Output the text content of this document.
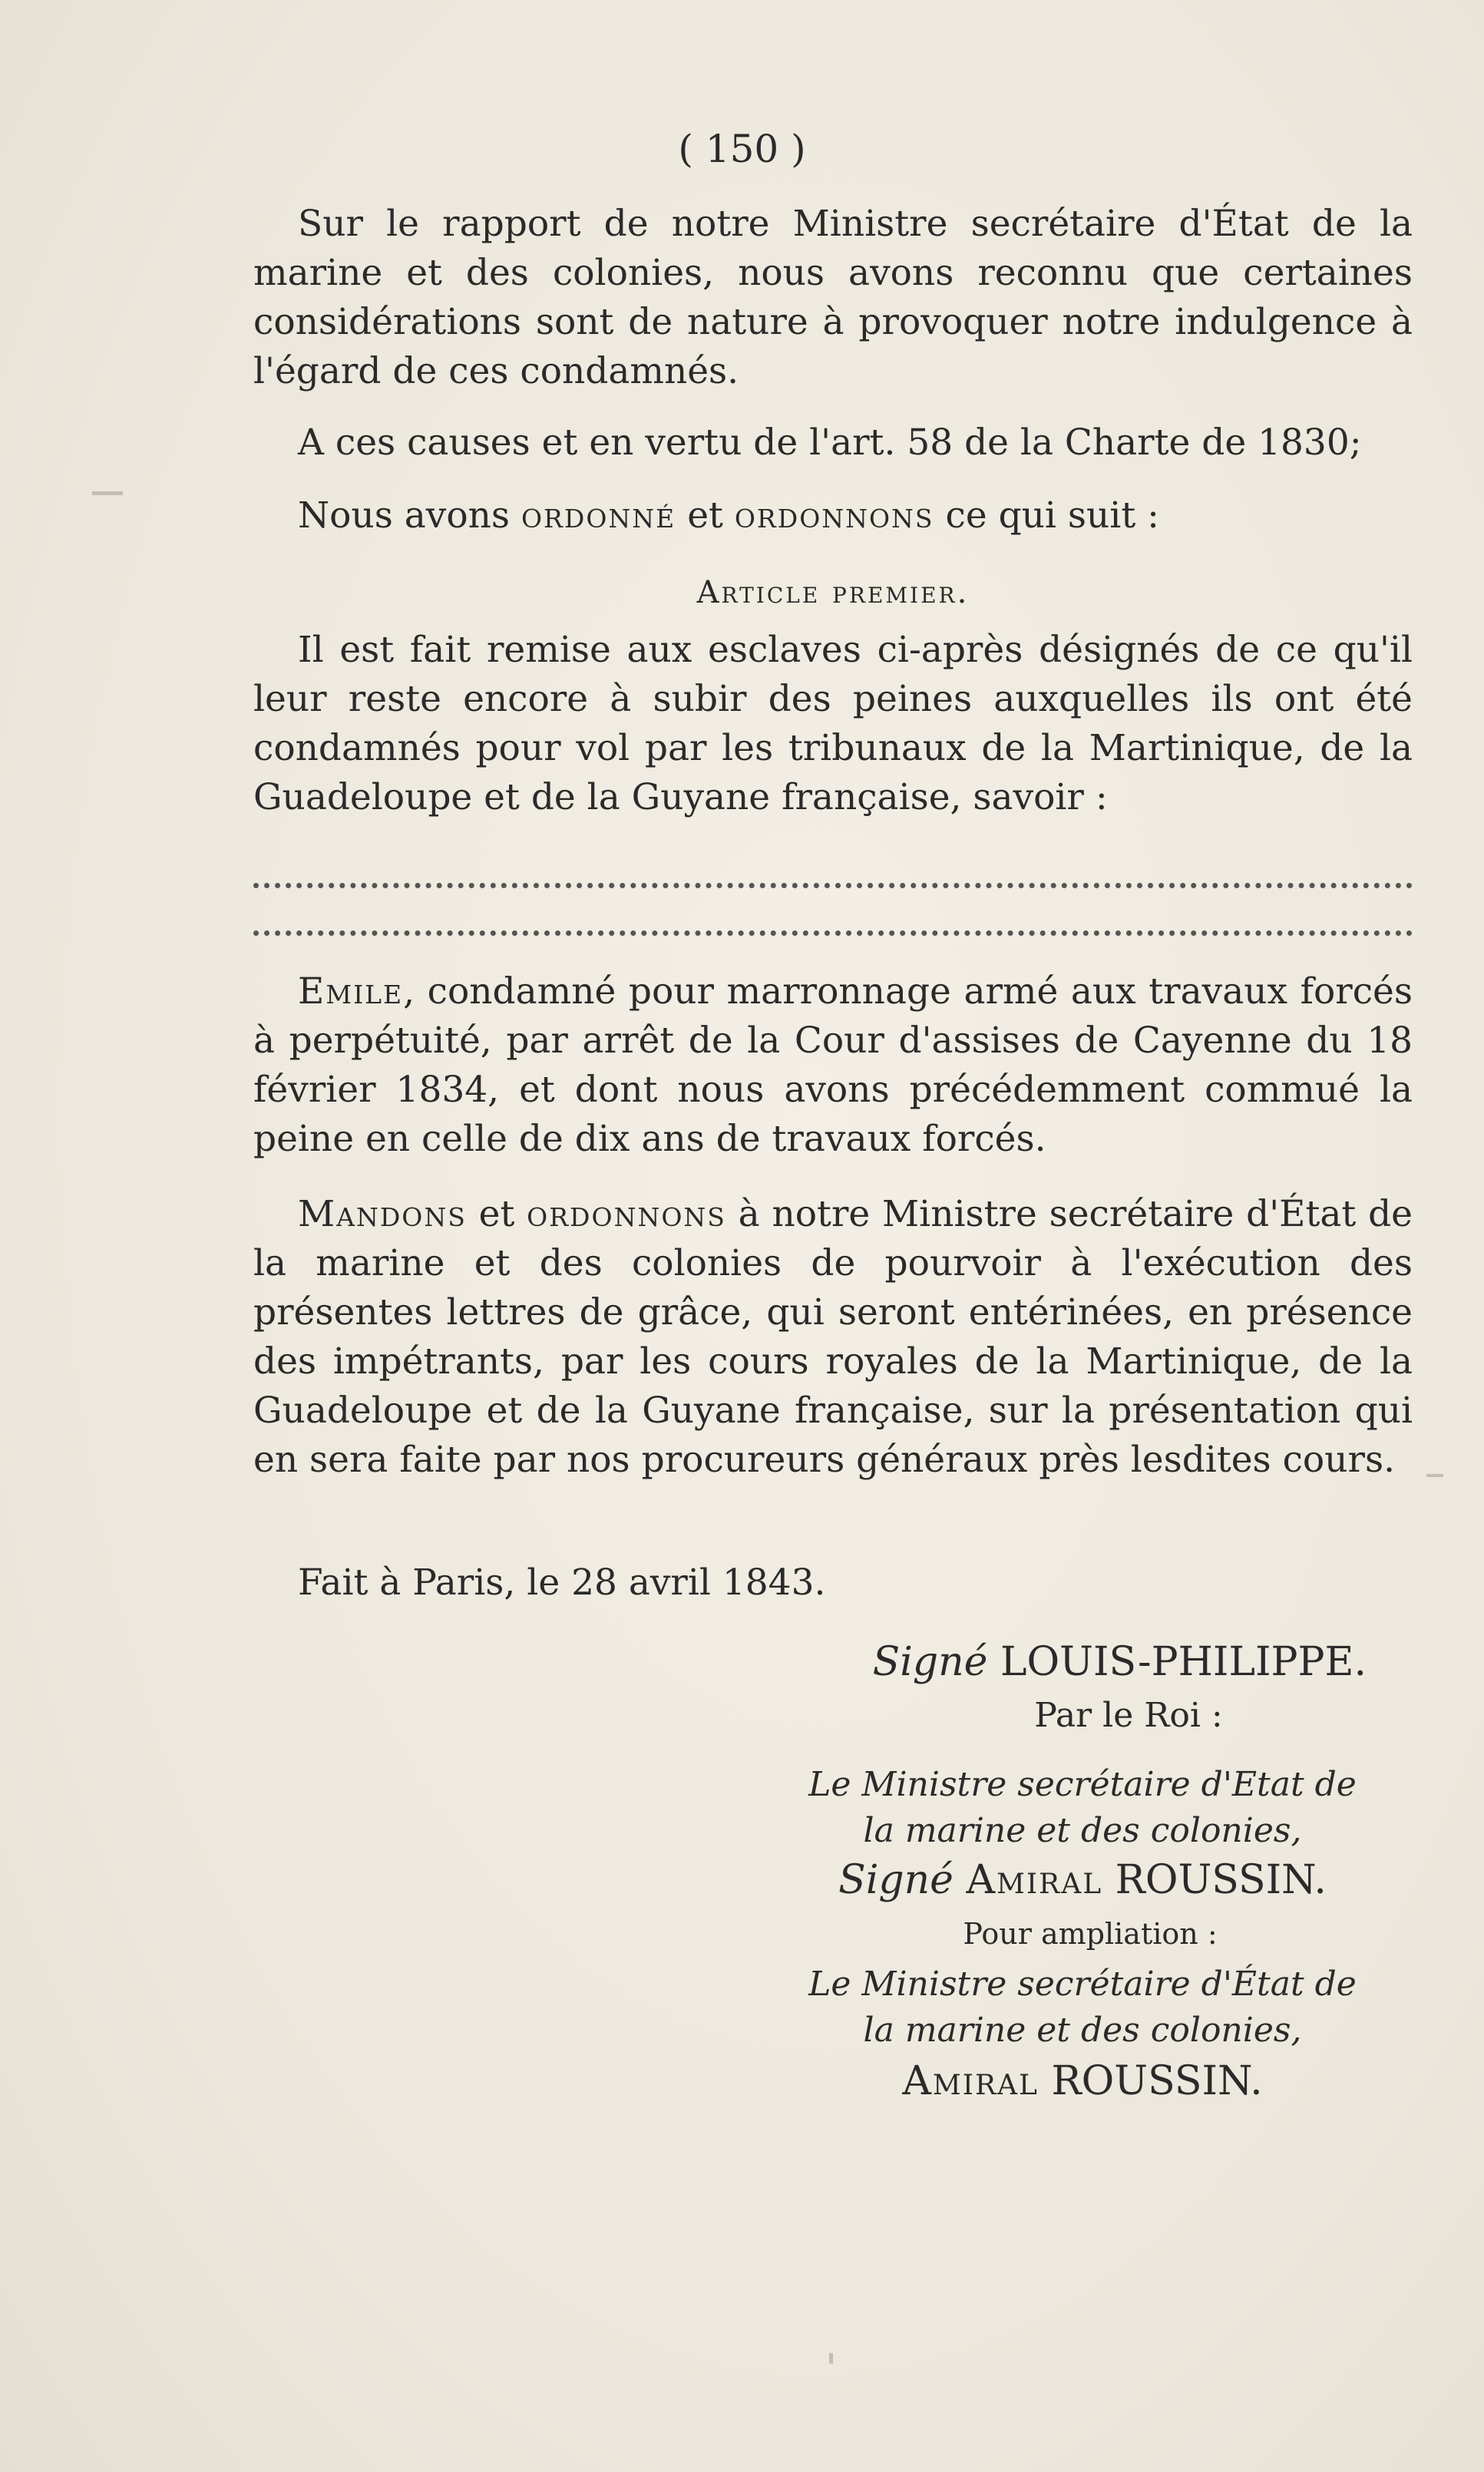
( 150 )

Sur le rapport de notre Ministre secrétaire d'État de la marine et des colonies, nous avons reconnu que certaines considérations sont de nature à provoquer notre indulgence à l'égard de ces condamnés.

A ces causes et en vertu de l'art. 58 de la Charte de 1830;

Nous avons ordonné et ordonnons ce qui suit :

Article premier.

Il est fait remise aux esclaves ci-après désignés de ce qu'il leur reste encore à subir des peines auxquelles ils ont été condamnés pour vol par les tribunaux de la Martinique, de la Guadeloupe et de la Guyane française, savoir :

Emile, condamné pour marronnage armé aux travaux forcés à perpétuité, par arrêt de la Cour d'assises de Cayenne du 18 février 1834, et dont nous avons précédemment commué la peine en celle de dix ans de travaux forcés.

Mandons et ordonnons à notre Ministre secrétaire d'État de la marine et des colonies de pourvoir à l'exécution des présentes lettres de grâce, qui seront entérinées, en présence des impétrants, par les cours royales de la Martinique, de la Guadeloupe et de la Guyane française, sur la présentation qui en sera faite par nos procureurs généraux près lesdites cours.

Fait à Paris, le 28 avril 1843.

Signé LOUIS-PHILIPPE.
Par le Roi :
Le Ministre secrétaire d'Etat de
la marine et des colonies,
Signé Amiral ROUSSIN.
Pour ampliation :
Le Ministre secrétaire d'État de
la marine et des colonies,
Amiral ROUSSIN.
